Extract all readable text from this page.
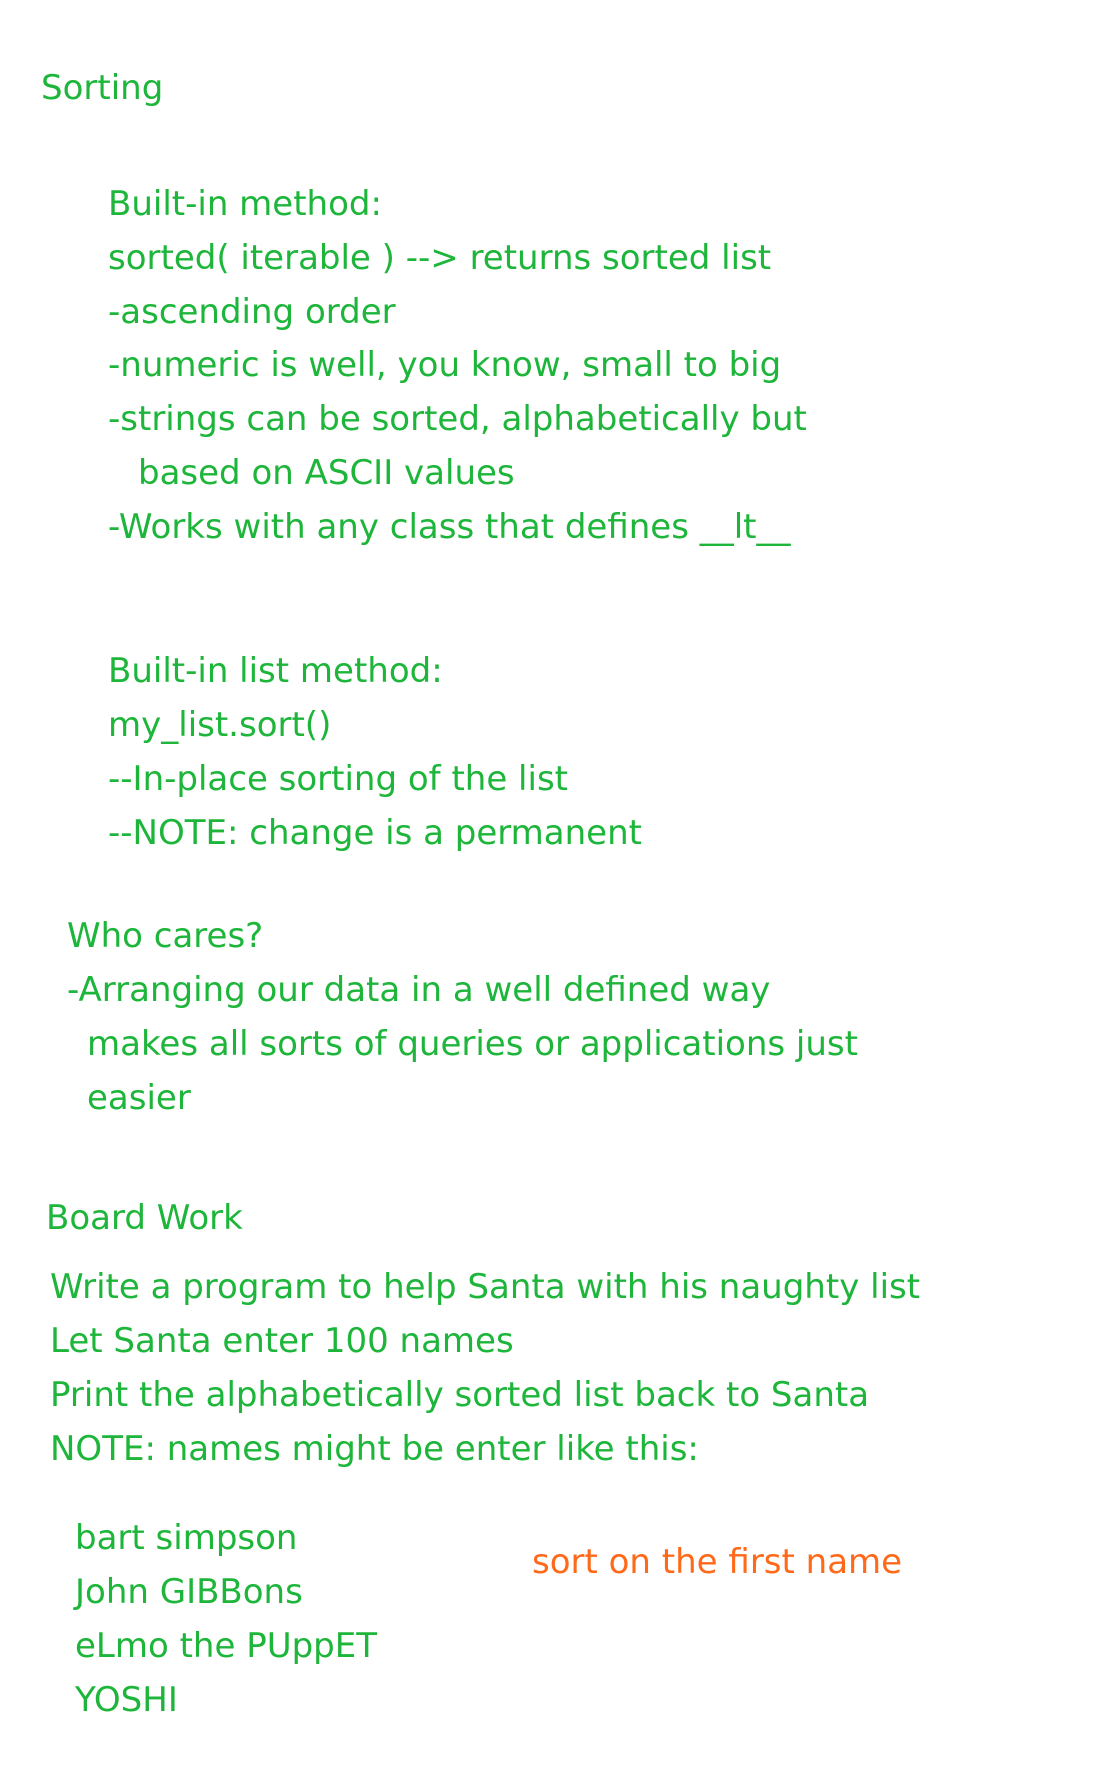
Sorting
Built-in method:
sorted( iterable ) --> returns sorted list
-ascending order
-numeric is well, you know, small to big
-strings can be sorted, alphabetically but
based on ASCII values
-Works with any class that defines __lt__
Built-in list method:
my_list.sort()
--In-place sorting of the list
--NOTE: change is a permanent
Who cares?
-Arranging our data in a well defined way
makes all sorts of queries or applications just
easier
Board Work
Write a program to help Santa with his naughty list
Let Santa enter 100 names
Print the alphabetically sorted list back to Santa
NOTE: names might be enter like this:
bart simpson
John GIBBons
eLmo the PUppET
YOSHI
sort on the first name
